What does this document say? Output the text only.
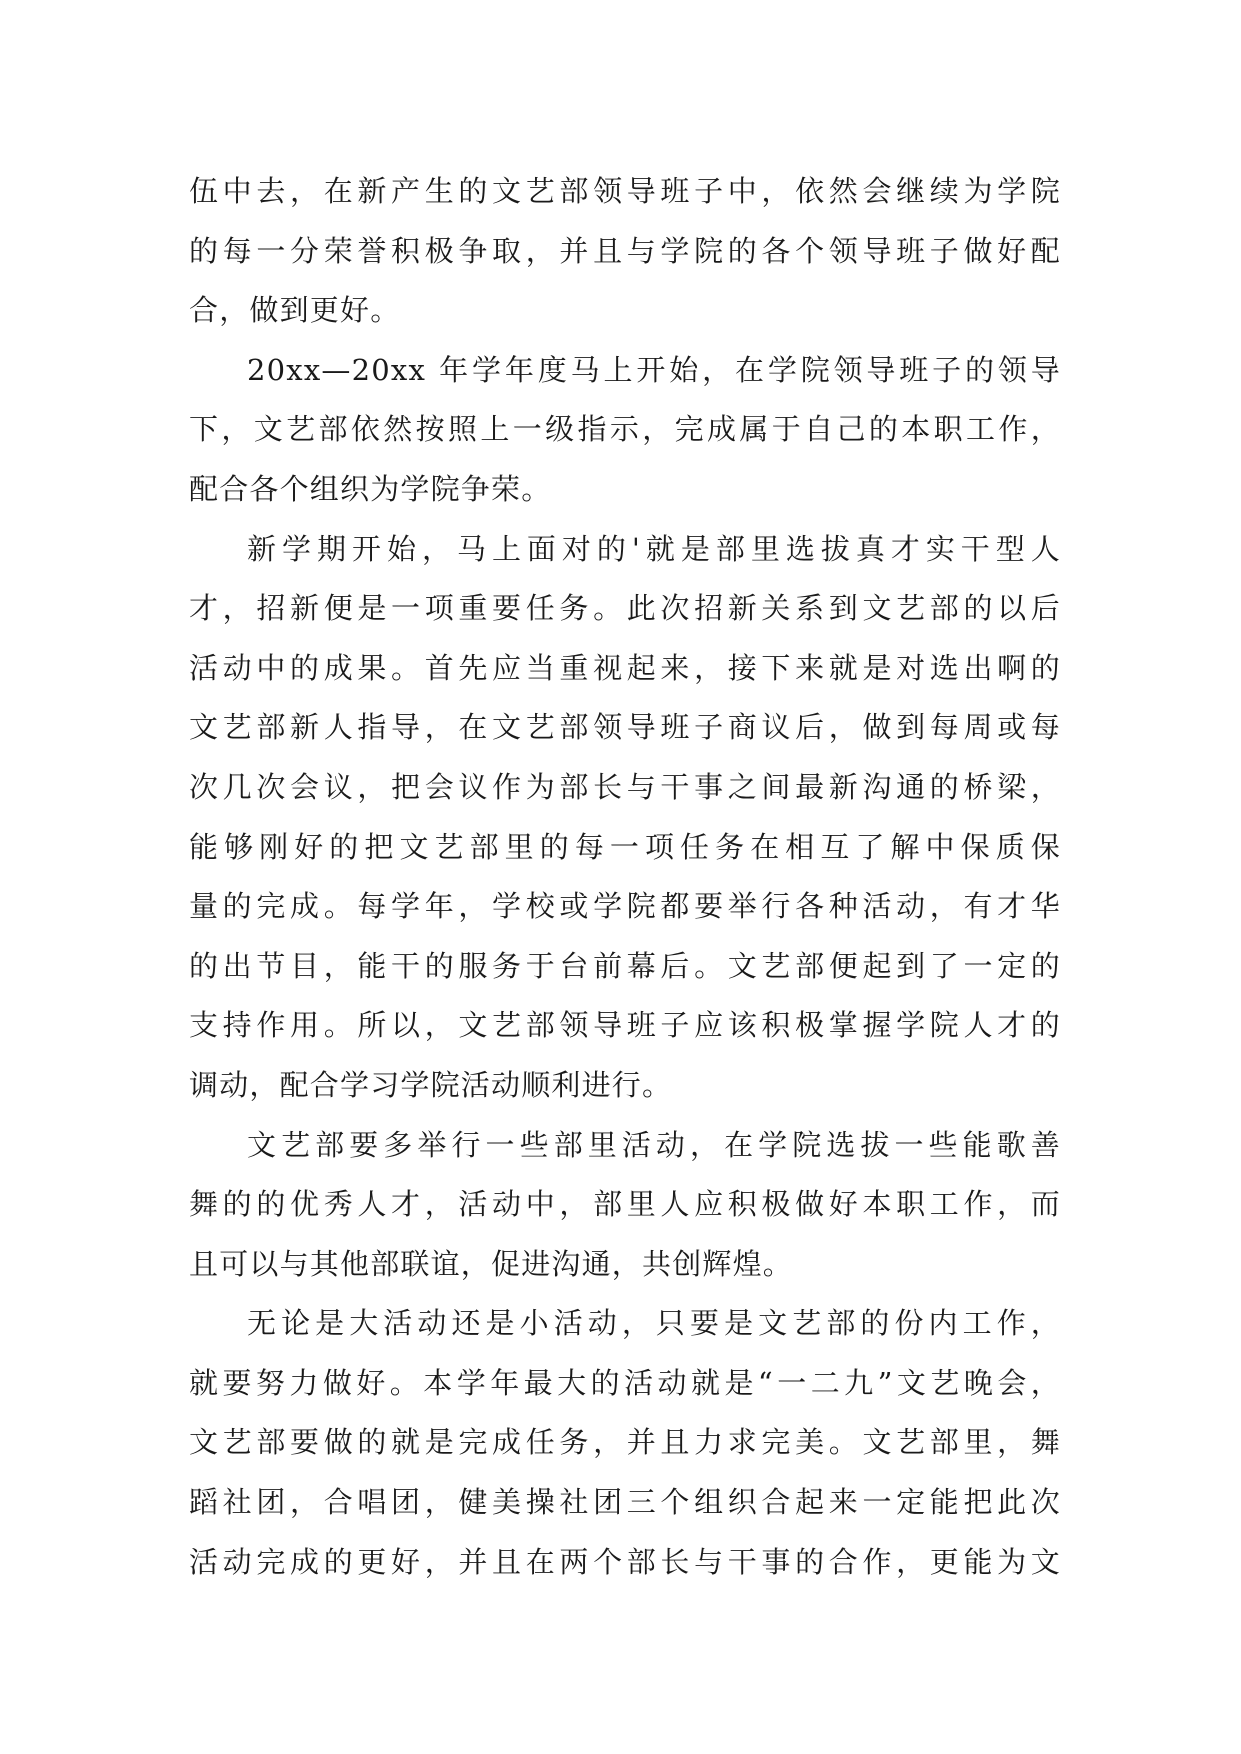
伍中去，在新产生的文艺部领导班子中，依然会继续为学院
的每一分荣誉积极争取，并且与学院的各个领导班子做好配
合，做到更好。
20xx—20xx 年学年度马上开始，在学院领导班子的领导
下，文艺部依然按照上一级指示，完成属于自己的本职工作，
配合各个组织为学院争荣。
新学期开始，马上面对的'就是部里选拔真才实干型人
才，招新便是一项重要任务。此次招新关系到文艺部的以后
活动中的成果。首先应当重视起来，接下来就是对选出啊的
文艺部新人指导，在文艺部领导班子商议后，做到每周或每
次几次会议，把会议作为部长与干事之间最新沟通的桥梁，
能够刚好的把文艺部里的每一项任务在相互了解中保质保
量的完成。每学年，学校或学院都要举行各种活动，有才华
的出节目，能干的服务于台前幕后。文艺部便起到了一定的
支持作用。所以，文艺部领导班子应该积极掌握学院人才的
调动，配合学习学院活动顺利进行。
文艺部要多举行一些部里活动，在学院选拔一些能歌善
舞的的优秀人才，活动中，部里人应积极做好本职工作，而
且可以与其他部联谊，促进沟通，共创辉煌。
无论是大活动还是小活动，只要是文艺部的份内工作，
就要努力做好。本学年最大的活动就是“一二九”文艺晚会，
文艺部要做的就是完成任务，并且力求完美。文艺部里，舞
蹈社团，合唱团，健美操社团三个组织合起来一定能把此次
活动完成的更好，并且在两个部长与干事的合作，更能为文
